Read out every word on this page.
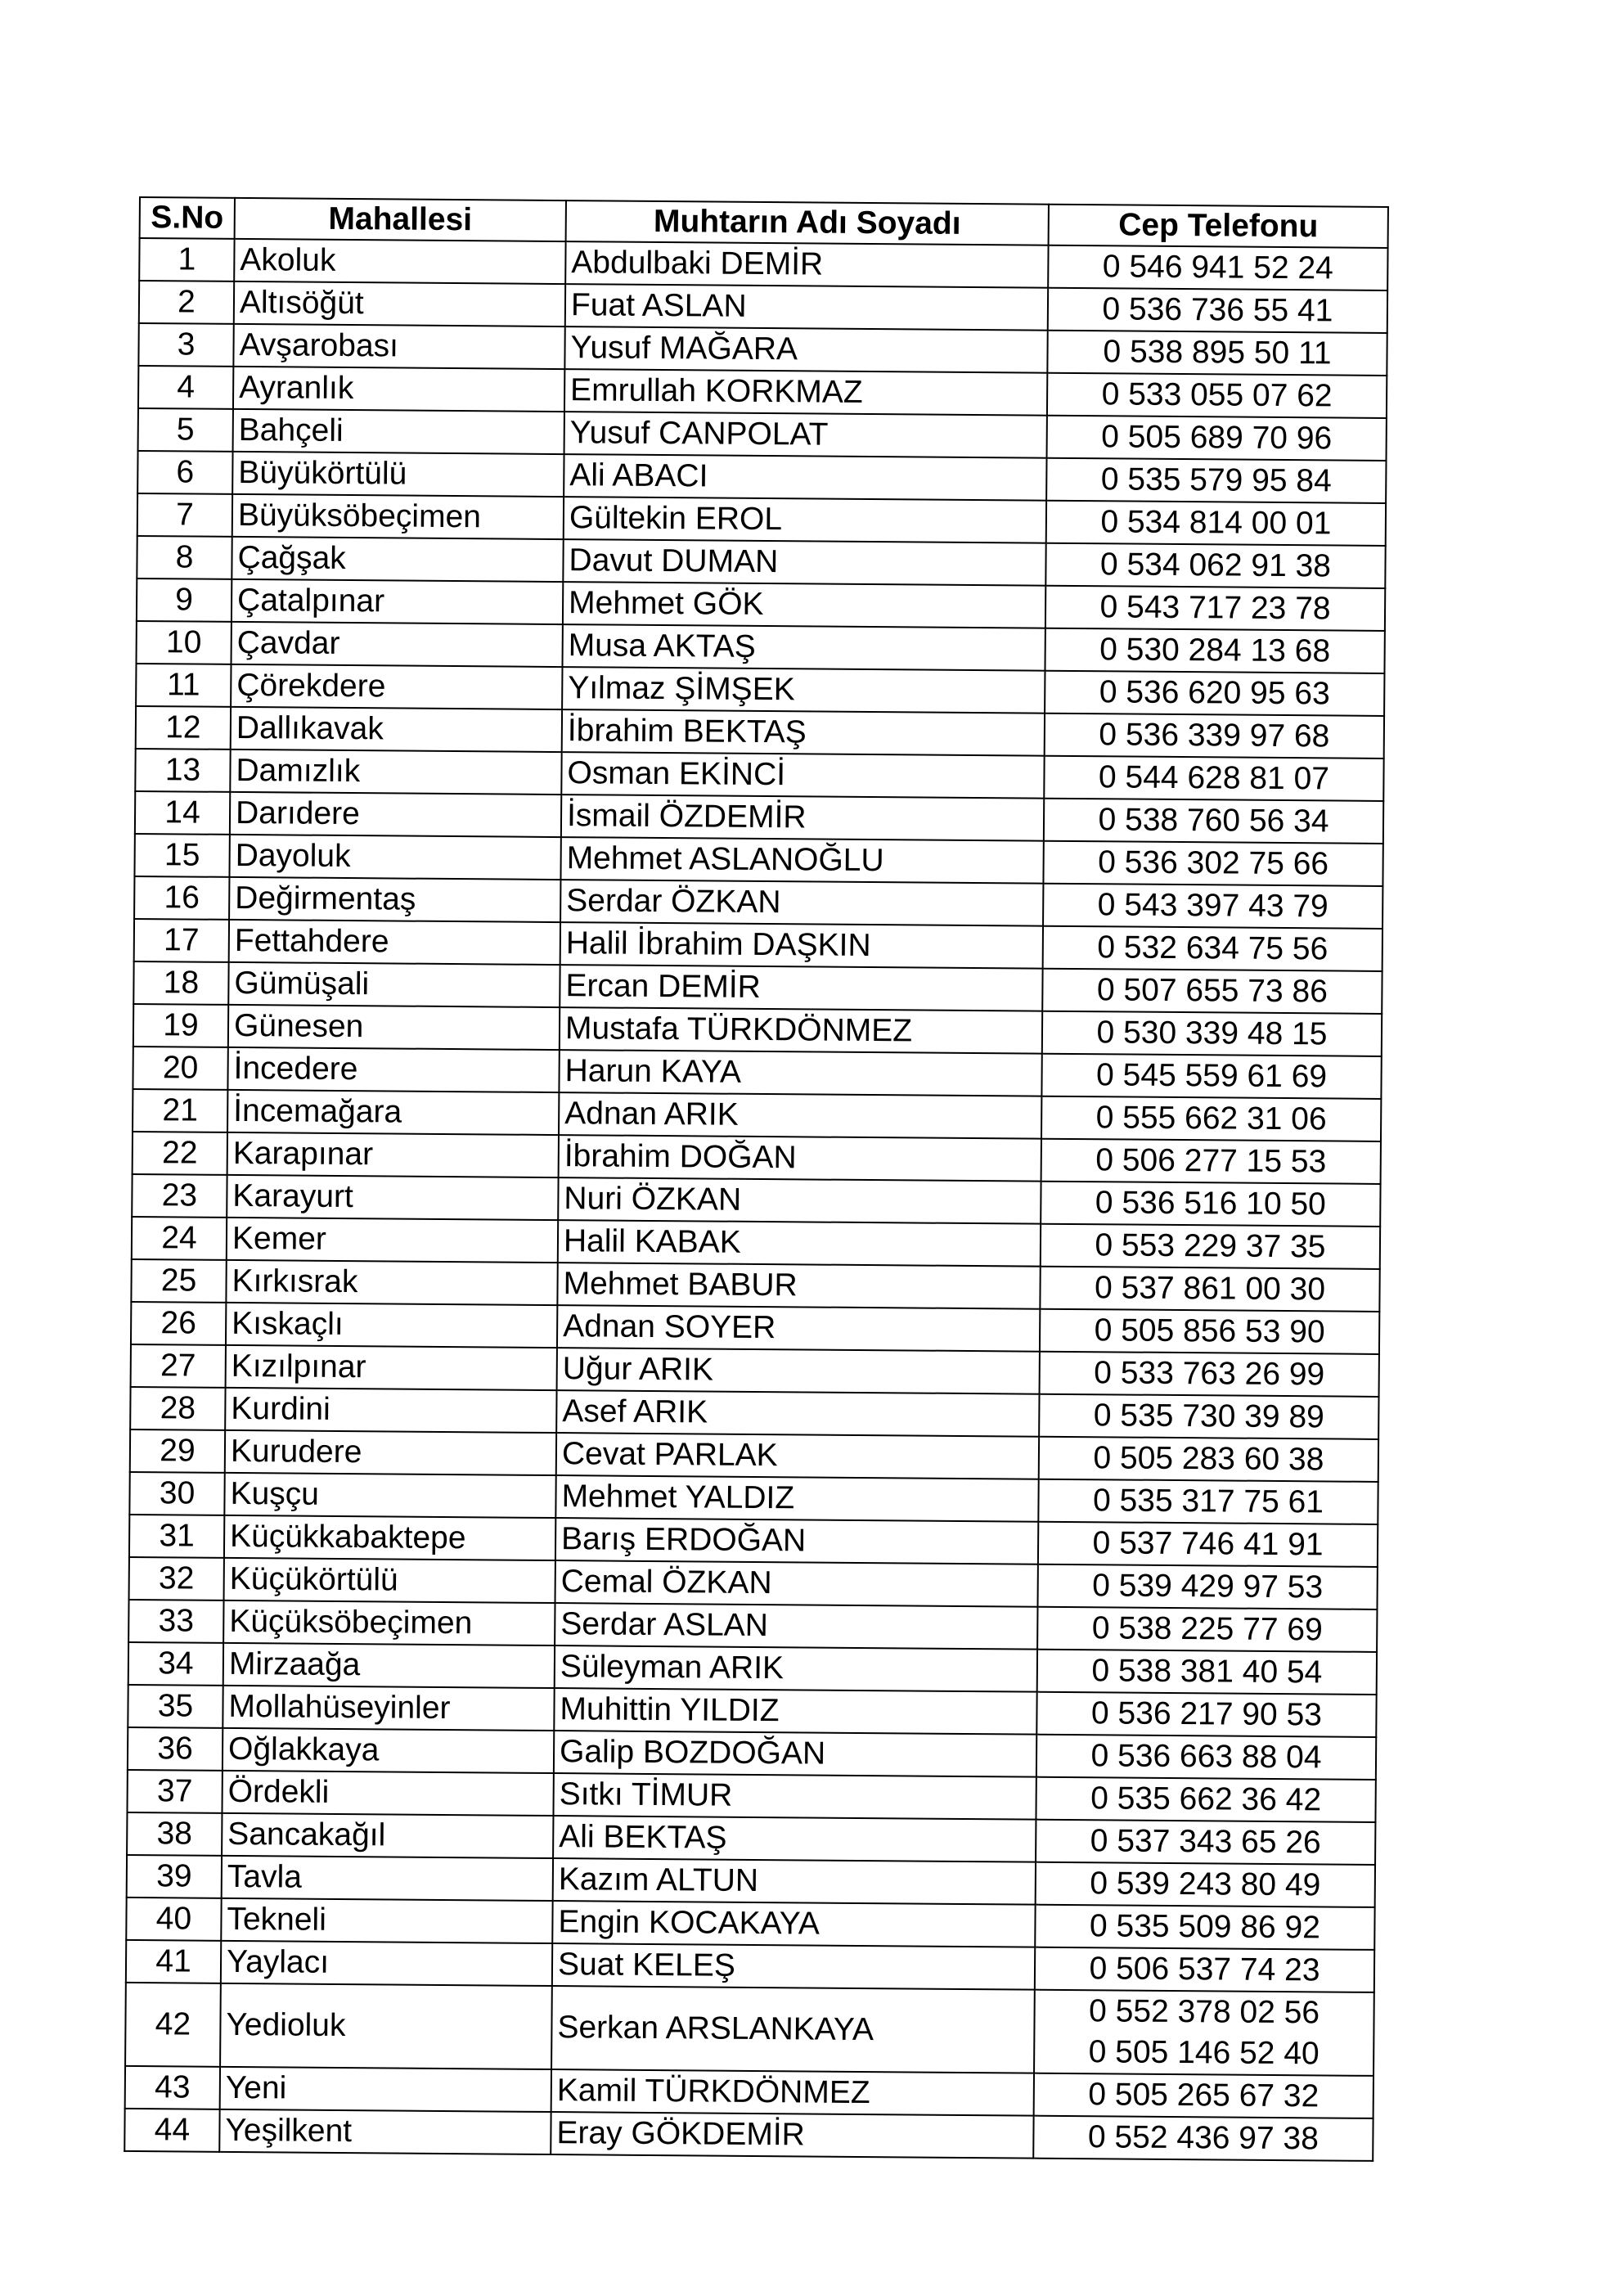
S.No	Mahallesi	Muhtarın Adı Soyadı	Cep Telefonu
1	Akoluk	Abdulbaki DEMİR	0 546 941 52 24

2	Altısöğüt	Fuat ASLAN	0 536 736 55 41

3	Avşarobası	Yusuf MAĞARA	0 538 895 50 11

4	Ayranlık	Emrullah KORKMAZ	0 533 055 07 62

5	Bahçeli	Yusuf CANPOLAT	0 505 689 70 96

6	Büyükörtülü	Ali ABACI	0 535 579 95 84

7	Büyüksöbeçimen	Gültekin EROL	0 534 814 00 01

8	Çağşak	Davut DUMAN	0 534 062 91 38

9	Çatalpınar	Mehmet GÖK	0 543 717 23 78

10	Çavdar	Musa AKTAŞ	0 530 284 13 68

11	Çörekdere	Yılmaz ŞİMŞEK	0 536 620 95 63

12	Dallıkavak	İbrahim BEKTAŞ	0 536 339 97 68

13	Damızlık	Osman EKİNCİ	0 544 628 81 07

14	Darıdere	İsmail ÖZDEMİR	0 538 760 56 34

15	Dayoluk	Mehmet ASLANOĞLU	0 536 302 75 66

16	Değirmentaş	Serdar ÖZKAN	0 543 397 43 79

17	Fettahdere	Halil İbrahim DAŞKIN	0 532 634 75 56

18	Gümüşali	Ercan DEMİR	0 507 655 73 86

19	Günesen	Mustafa TÜRKDÖNMEZ	0 530 339 48 15

20	İncedere	Harun KAYA	0 545 559 61 69

21	İncemağara	Adnan ARIK	0 555 662 31 06

22	Karapınar	İbrahim DOĞAN	0 506 277 15 53

23	Karayurt	Nuri ÖZKAN	0 536 516 10 50

24	Kemer	Halil KABAK	0 553 229 37 35

25	Kırkısrak	Mehmet BABUR	0 537 861 00 30

26	Kıskaçlı	Adnan SOYER	0 505 856 53 90

27	Kızılpınar	Uğur ARIK	0 533 763 26 99

28	Kurdini	Asef ARIK	0 535 730 39 89

29	Kurudere	Cevat PARLAK	0 505 283 60 38

30	Kuşçu	Mehmet YALDIZ	0 535 317 75 61

31	Küçükkabaktepe	Barış ERDOĞAN	0 537 746 41 91

32	Küçükörtülü	Cemal ÖZKAN	0 539 429 97 53

33	Küçüksöbeçimen	Serdar ASLAN	0 538 225 77 69

34	Mirzaağa	Süleyman ARIK	0 538 381 40 54

35	Mollahüseyinler	Muhittin YILDIZ	0 536 217 90 53

36	Oğlakkaya	Galip BOZDOĞAN	0 536 663 88 04

37	Ördekli	Sıtkı TİMUR	0 535 662 36 42

38	Sancakağıl	Ali BEKTAŞ	0 537 343 65 26

39	Tavla	Kazım ALTUN	0 539 243 80 49

40	Tekneli	Engin KOCAKAYA	0 535 509 86 92

41	Yaylacı	Suat KELEŞ	0 506 537 74 23

42	Yedioluk	Serkan ARSLANKAYA	0 552 378 02 56
0 505 146 52 40

43	Yeni	Kamil TÜRKDÖNMEZ	0 505 265 67 32

44	Yeşilkent	Eray GÖKDEMİR	0 552 436 97 38
